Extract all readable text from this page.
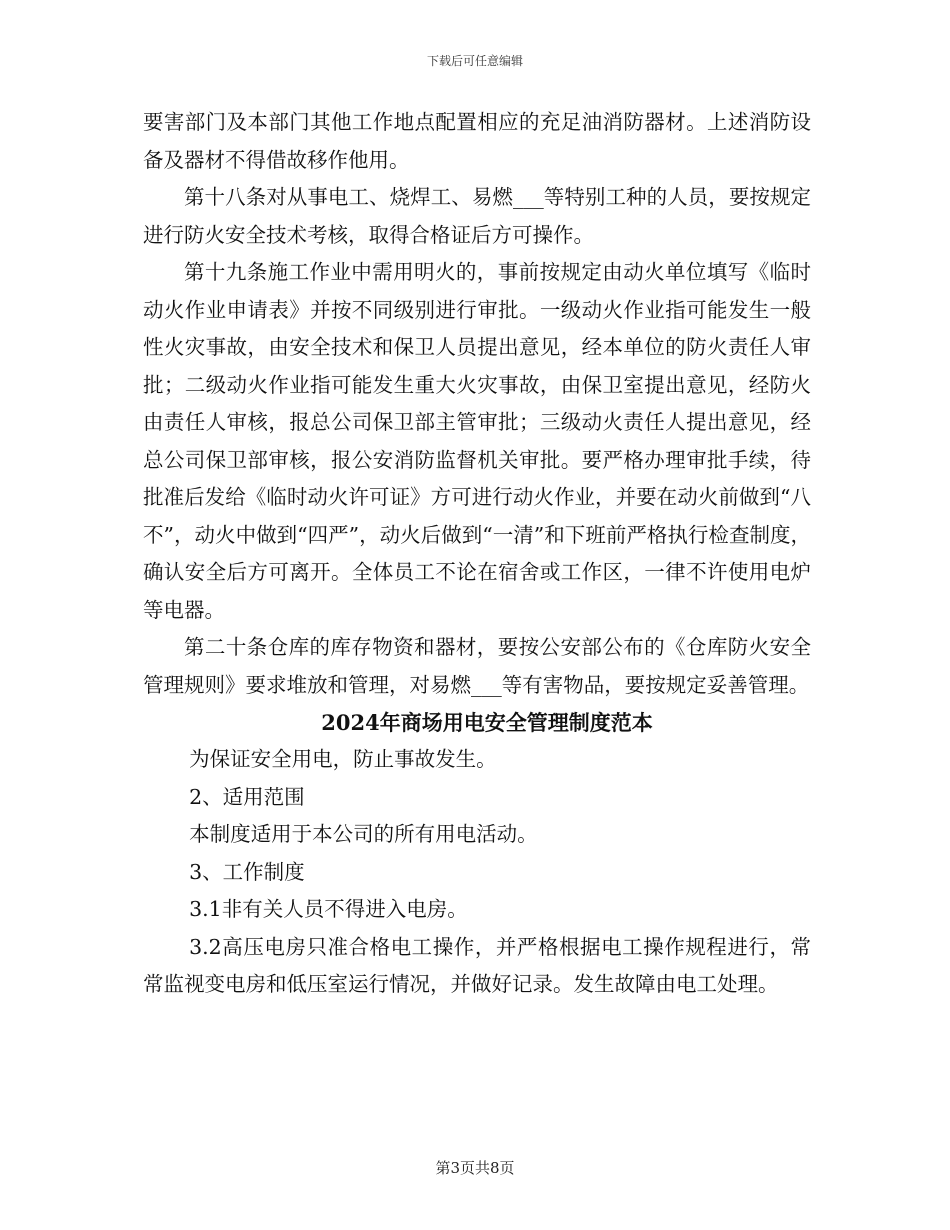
下载后可任意编辑

要害部门及本部门其他工作地点配置相应的充足油消防器材。上述消防设备及器材不得借故移作他用。

第十八条对从事电工、烧焊工、易燃___等特别工种的人员，要按规定进行防火安全技术考核，取得合格证后方可操作。

第十九条施工作业中需用明火的，事前按规定由动火单位填写《临时动火作业申请表》并按不同级别进行审批。一级动火作业指可能发生一般性火灾事故，由安全技术和保卫人员提出意见，经本单位的防火责任人审批；二级动火作业指可能发生重大火灾事故，由保卫室提出意见，经防火由责任人审核，报总公司保卫部主管审批；三级动火责任人提出意见，经总公司保卫部审核，报公安消防监督机关审批。要严格办理审批手续，待批准后发给《临时动火许可证》方可进行动火作业，并要在动火前做到“八不”，动火中做到“四严”，动火后做到“一清”和下班前严格执行检查制度，确认安全后方可离开。全体员工不论在宿舍或工作区，一律不许使用电炉等电器。

第二十条仓库的库存物资和器材，要按公安部公布的《仓库防火安全管理规则》要求堆放和管理，对易燃___等有害物品，要按规定妥善管理。

2024年商场用电安全管理制度范本

为保证安全用电，防止事故发生。

2、适用范围

本制度适用于本公司的所有用电活动。

3、工作制度

3.1非有关人员不得进入电房。

3.2高压电房只准合格电工操作，并严格根据电工操作规程进行，常常监视变电房和低压室运行情况，并做好记录。发生故障由电工处理。

第3页共8页
